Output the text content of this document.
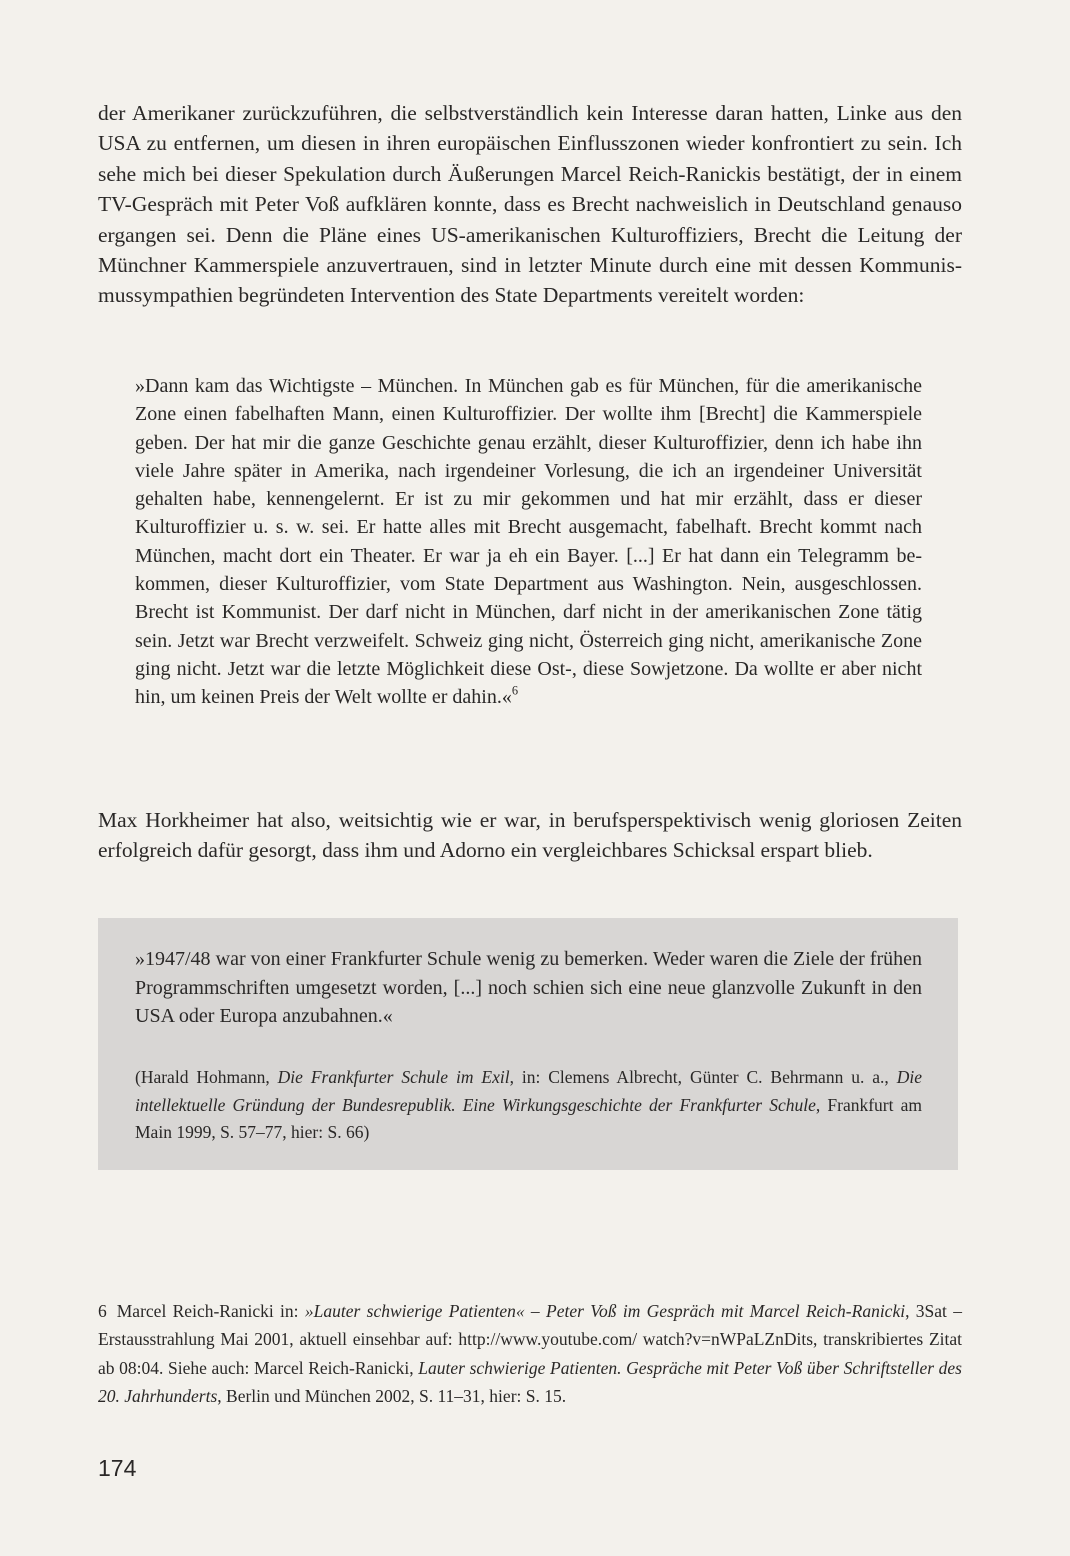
der Amerikaner zurückzuführen, die selbstverständlich kein Interesse daran hatten, Linke aus den USA zu entfernen, um diesen in ihren europäischen Einflusszonen wieder konfrontiert zu sein. Ich sehe mich bei dieser Spekulation durch Äußerungen Marcel Reich-Ranickis bestätigt, der in einem TV-Gespräch mit Peter Voß aufklären konnte, dass es Brecht nachweislich in Deutschland genauso ergangen sei. Denn die Pläne eines US-amerikanischen Kulturoffiziers, Brecht die Leitung der Münchner Kammerspiele anzuvertrauen, sind in letzter Minute durch eine mit dessen Kommunismussympathien begründeten Intervention des State Departments vereitelt worden:

»Dann kam das Wichtigste – München. In München gab es für München, für die amerikanische Zone einen fabelhaften Mann, einen Kulturoffizier. Der wollte ihm [Brecht] die Kammerspiele geben. Der hat mir die ganze Geschichte genau erzählt, dieser Kulturoffizier, denn ich habe ihn viele Jahre später in Amerika, nach irgendeiner Vorlesung, die ich an irgendeiner Universität gehalten habe, kennengelernt. Er ist zu mir gekommen und hat mir erzählt, dass er dieser Kulturoffizier u. s. w. sei. Er hatte alles mit Brecht ausgemacht, fabelhaft. Brecht kommt nach München, macht dort ein Theater. Er war ja eh ein Bayer. [...] Er hat dann ein Telegramm bekommen, dieser Kulturoffizier, vom State Department aus Washington. Nein, ausgeschlossen. Brecht ist Kommunist. Der darf nicht in München, darf nicht in der amerikanischen Zone tätig sein. Jetzt war Brecht verzweifelt. Schweiz ging nicht, Österreich ging nicht, amerikanische Zone ging nicht. Jetzt war die letzte Möglichkeit diese Ost-, diese Sowjetzone. Da wollte er aber nicht hin, um keinen Preis der Welt wollte er dahin.«$^6$

Max Horkheimer hat also, weitsichtig wie er war, in berufsperspektivisch wenig gloriosen Zeiten erfolgreich dafür gesorgt, dass ihm und Adorno ein vergleichbares Schicksal erspart blieb.

»1947/48 war von einer Frankfurter Schule wenig zu bemerken. Weder waren die Ziele der frühen Programmschriften umgesetzt worden, [...] noch schien sich eine neue glanzvolle Zukunft in den USA oder Europa anzubahnen.«

(Harald Hohmann, Die Frankfurter Schule im Exil, in: Clemens Albrecht, Günter C. Behrmann u. a., Die intellektuelle Gründung der Bundesrepublik. Eine Wirkungsgeschichte der Frankfurter Schule, Frankfurt am Main 1999, S. 57–77, hier: S. 66)

6 Marcel Reich-Ranicki in: »Lauter schwierige Patienten« – Peter Voß im Gespräch mit Marcel Reich-Ranicki, 3Sat – Erstausstrahlung Mai 2001, aktuell einsehbar auf: http://www.youtube.com/ watch?v=nWPaLZnDits, transkribiertes Zitat ab 08:04. Siehe auch: Marcel Reich-Ranicki, Lauter schwierige Patienten. Gespräche mit Peter Voß über Schriftsteller des 20. Jahrhunderts, Berlin und München 2002, S. 11–31, hier: S. 15.

174
